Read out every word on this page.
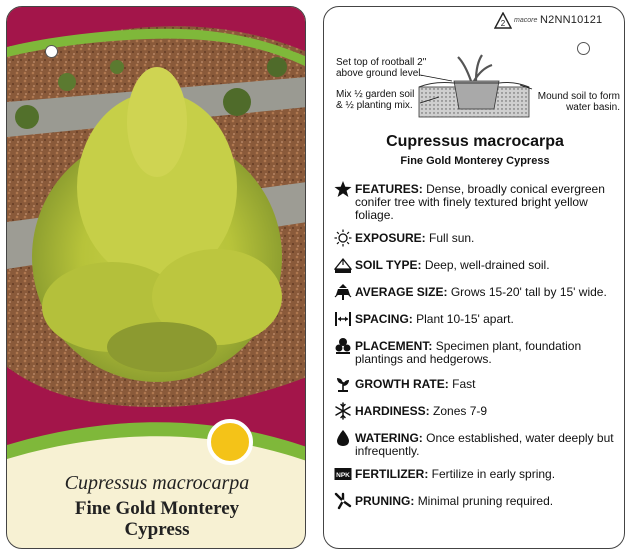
Cupressus macrocarpa
Fine Gold Monterey
Cypress
2 macore N2NN10121
Set top of rootball 2"
above ground level.
Mix ½ garden soil
& ½ planting mix.
Mound soil to form
water basin.
Cupressus macrocarpa
Fine Gold Monterey Cypress
FEATURES: Dense, broadly conical evergreen conifer tree with finely textured bright yellow foliage.
EXPOSURE: Full sun.
SOIL TYPE: Deep, well-drained soil.
AVERAGE SIZE: Grows 15-20' tall by 15' wide.
SPACING: Plant 10-15' apart.
PLACEMENT: Specimen plant, foundation plantings and hedgerows.
GROWTH RATE: Fast
HARDINESS: Zones 7-9
WATERING: Once established, water deeply but infrequently.
NPK FERTILIZER: Fertilize in early spring.
PRUNING: Minimal pruning required.
